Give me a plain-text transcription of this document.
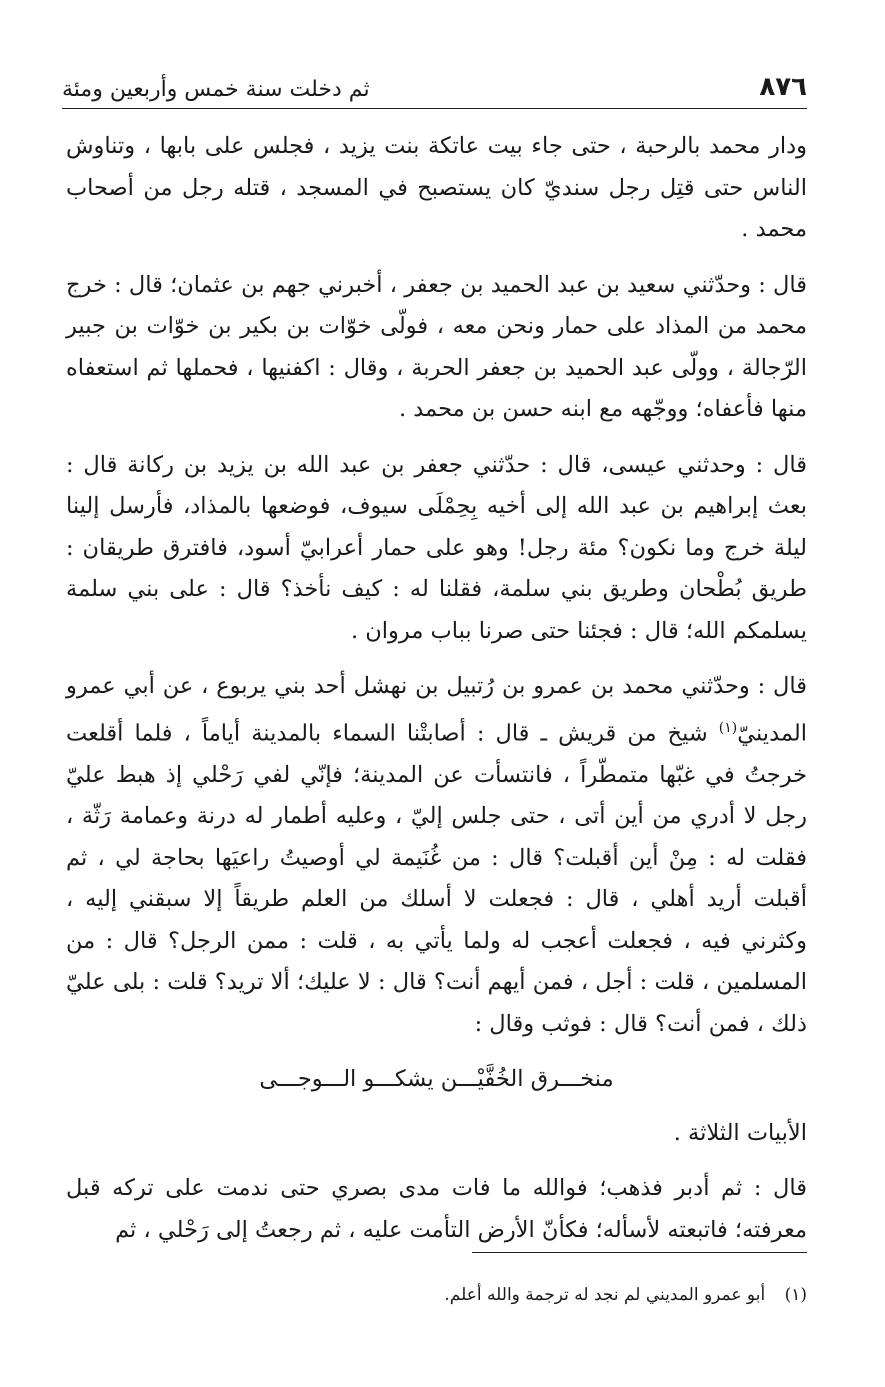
٨٧٦
ثم دخلت سنة خمس وأربعين ومئة

ودار محمد بالرحبة ، حتى جاء بيت عاتكة بنت يزيد ، فجلس على بابها ، وتناوش الناس حتى قتِل رجل سنديّ كان يستصبح في المسجد ، قتله رجل من أصحاب محمد .

قال : وحدّثني سعيد بن عبد الحميد بن جعفر ، أخبرني جهم بن عثمان؛ قال : خرج محمد من المذاد على حمار ونحن معه ، فولّى خوّات بن بكير بن خوّات بن جبير الرّجالة ، وولّى عبد الحميد بن جعفر الحربة ، وقال : اكفنيها ، فحملها ثم استعفاه منها فأعفاه؛ ووجّهه مع ابنه حسن بن محمد .

قال : وحدثني عيسى، قال : حدّثني جعفر بن عبد الله بن يزيد بن ركانة قال : بعث إبراهيم بن عبد الله إلى أخيه بِحِمْلَى سيوف، فوضعها بالمذاد، فأرسل إلينا ليلة خرج وما نكون؟ مئة رجل! وهو على حمار أعرابيّ أسود، فافترق طريقان : طريق بُطْحان وطريق بني سلمة، فقلنا له : كيف نأخذ؟ قال : على بني سلمة يسلمكم الله؛ قال : فجئنا حتى صرنا بباب مروان .

قال : وحدّثني محمد بن عمرو بن رُتبيل بن نهشل أحد بني يربوع ، عن أبي عمرو المدينيّ$^{(١)}$ شيخ من قريش ـ قال : أصابتْنا السماء بالمدينة أياماً ، فلما أقلعت خرجتُ في غبّها متمطّراً ، فانتسأت عن المدينة؛ فإنّي لفي رَحْلي إذ هبط عليّ رجل لا أدري من أين أتى ، حتى جلس إليّ ، وعليه أطمار له درنة وعمامة رَثّة ، فقلت له : مِنْ أين أقبلت؟ قال : من غُنَيمة لي أوصيتُ راعيَها بحاجة لي ، ثم أقبلت أريد أهلي ، قال : فجعلت لا أسلك من العلم طريقاً إلا سبقني إليه ، وكثرني فيه ، فجعلت أعجب له ولما يأتي به ، قلت : ممن الرجل؟ قال : من المسلمين ، قلت : أجل ، فمن أيهم أنت؟ قال : لا عليك؛ ألا تريد؟ قلت : بلى عليّ ذلك ، فمن أنت؟ قال : فوثب وقال :

منخـــرق الخُفَّيْـــن يشكـــو الـــوجـــى

الأبيات الثلاثة .

قال : ثم أدبر فذهب؛ فوالله ما فات مدى بصري حتى ندمت على تركه قبل معرفته؛ فاتبعته لأسأله؛ فكأنّ الأرض التأمت عليه ، ثم رجعتُ إلى رَحْلي ، ثم

(١) أبو عمرو المديني لم نجد له ترجمة والله أعلم.
